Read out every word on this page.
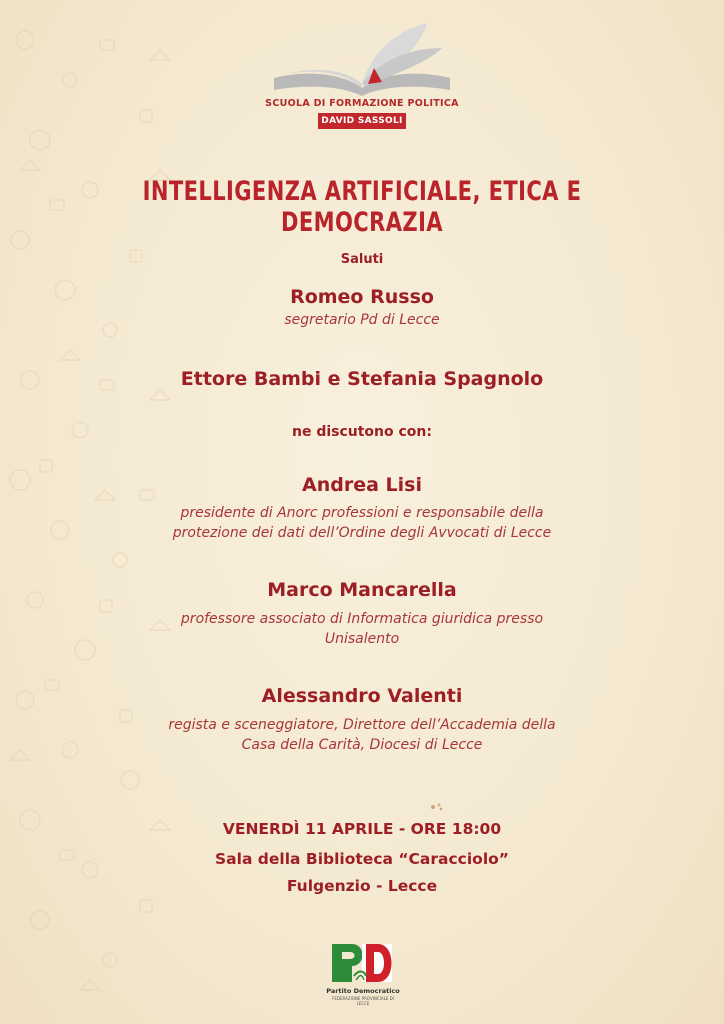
SCUOLA DI FORMAZIONE POLITICA
DAVID SASSOLI
INTELLIGENZA ARTIFICIALE, ETICA E DEMOCRAZIA
Saluti
Romeo Russo
segretario Pd di Lecce
Ettore Bambi e Stefania Spagnolo
ne discutono con:
Andrea Lisi
presidente di Anorc professioni e responsabile della
protezione dei dati dell’Ordine degli Avvocati di Lecce
Marco Mancarella
professore associato di Informatica giuridica presso
Unisalento
Alessandro Valenti
regista e sceneggiatore, Direttore dell’Accademia della
Casa della Carità, Diocesi di Lecce
VENERDÌ 11 APRILE - ORE 18:00
Sala della Biblioteca “Caracciolo”
Fulgenzio - Lecce
Partito Democratico
FEDERAZIONE PROVINCIALE DI LECCE
